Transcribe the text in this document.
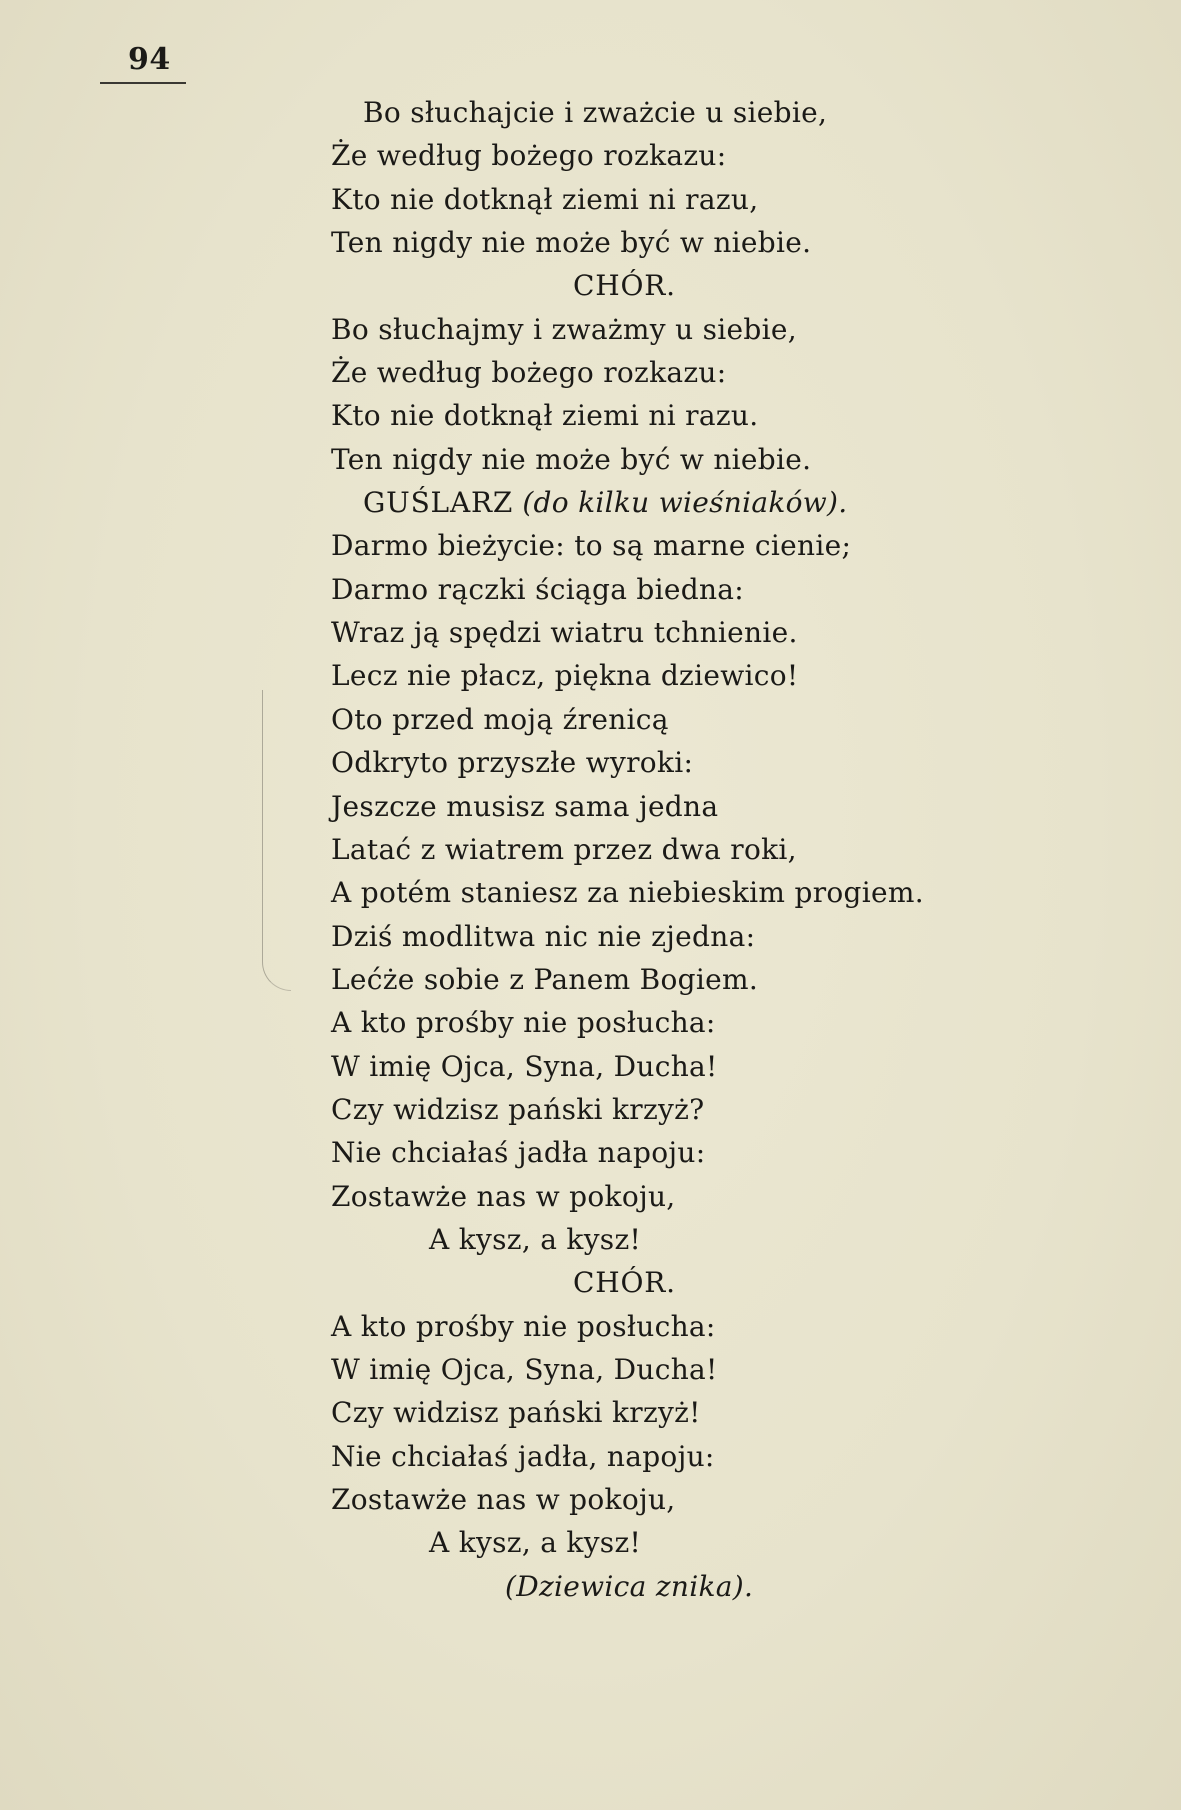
94
Bo słuchajcie i zważcie u siebie,
Że według bożego rozkazu:
Kto nie dotknął ziemi ni razu,
Ten nigdy nie może być w niebie.
CHÓR.
Bo słuchajmy i zważmy u siebie,
Że według bożego rozkazu:
Kto nie dotknął ziemi ni razu.
Ten nigdy nie może być w niebie.
GUŚLARZ (do kilku wieśniaków).
Darmo bieżycie: to są marne cienie;
Darmo rączki ściąga biedna:
Wraz ją spędzi wiatru tchnienie.
Lecz nie płacz, piękna dziewico!
Oto przed moją źrenicą
Odkryto przyszłe wyroki:
Jeszcze musisz sama jedna
Latać z wiatrem przez dwa roki,
A potém staniesz za niebieskim progiem.
Dziś modlitwa nic nie zjedna:
Lećże sobie z Panem Bogiem.
A kto prośby nie posłucha:
W imię Ojca, Syna, Ducha!
Czy widzisz pański krzyż?
Nie chciałaś jadła napoju:
Zostawże nas w pokoju,
A kysz, a kysz!
CHÓR.
A kto prośby nie posłucha:
W imię Ojca, Syna, Ducha!
Czy widzisz pański krzyż!
Nie chciałaś jadła, napoju:
Zostawże nas w pokoju,
A kysz, a kysz!
(Dziewica znika).
